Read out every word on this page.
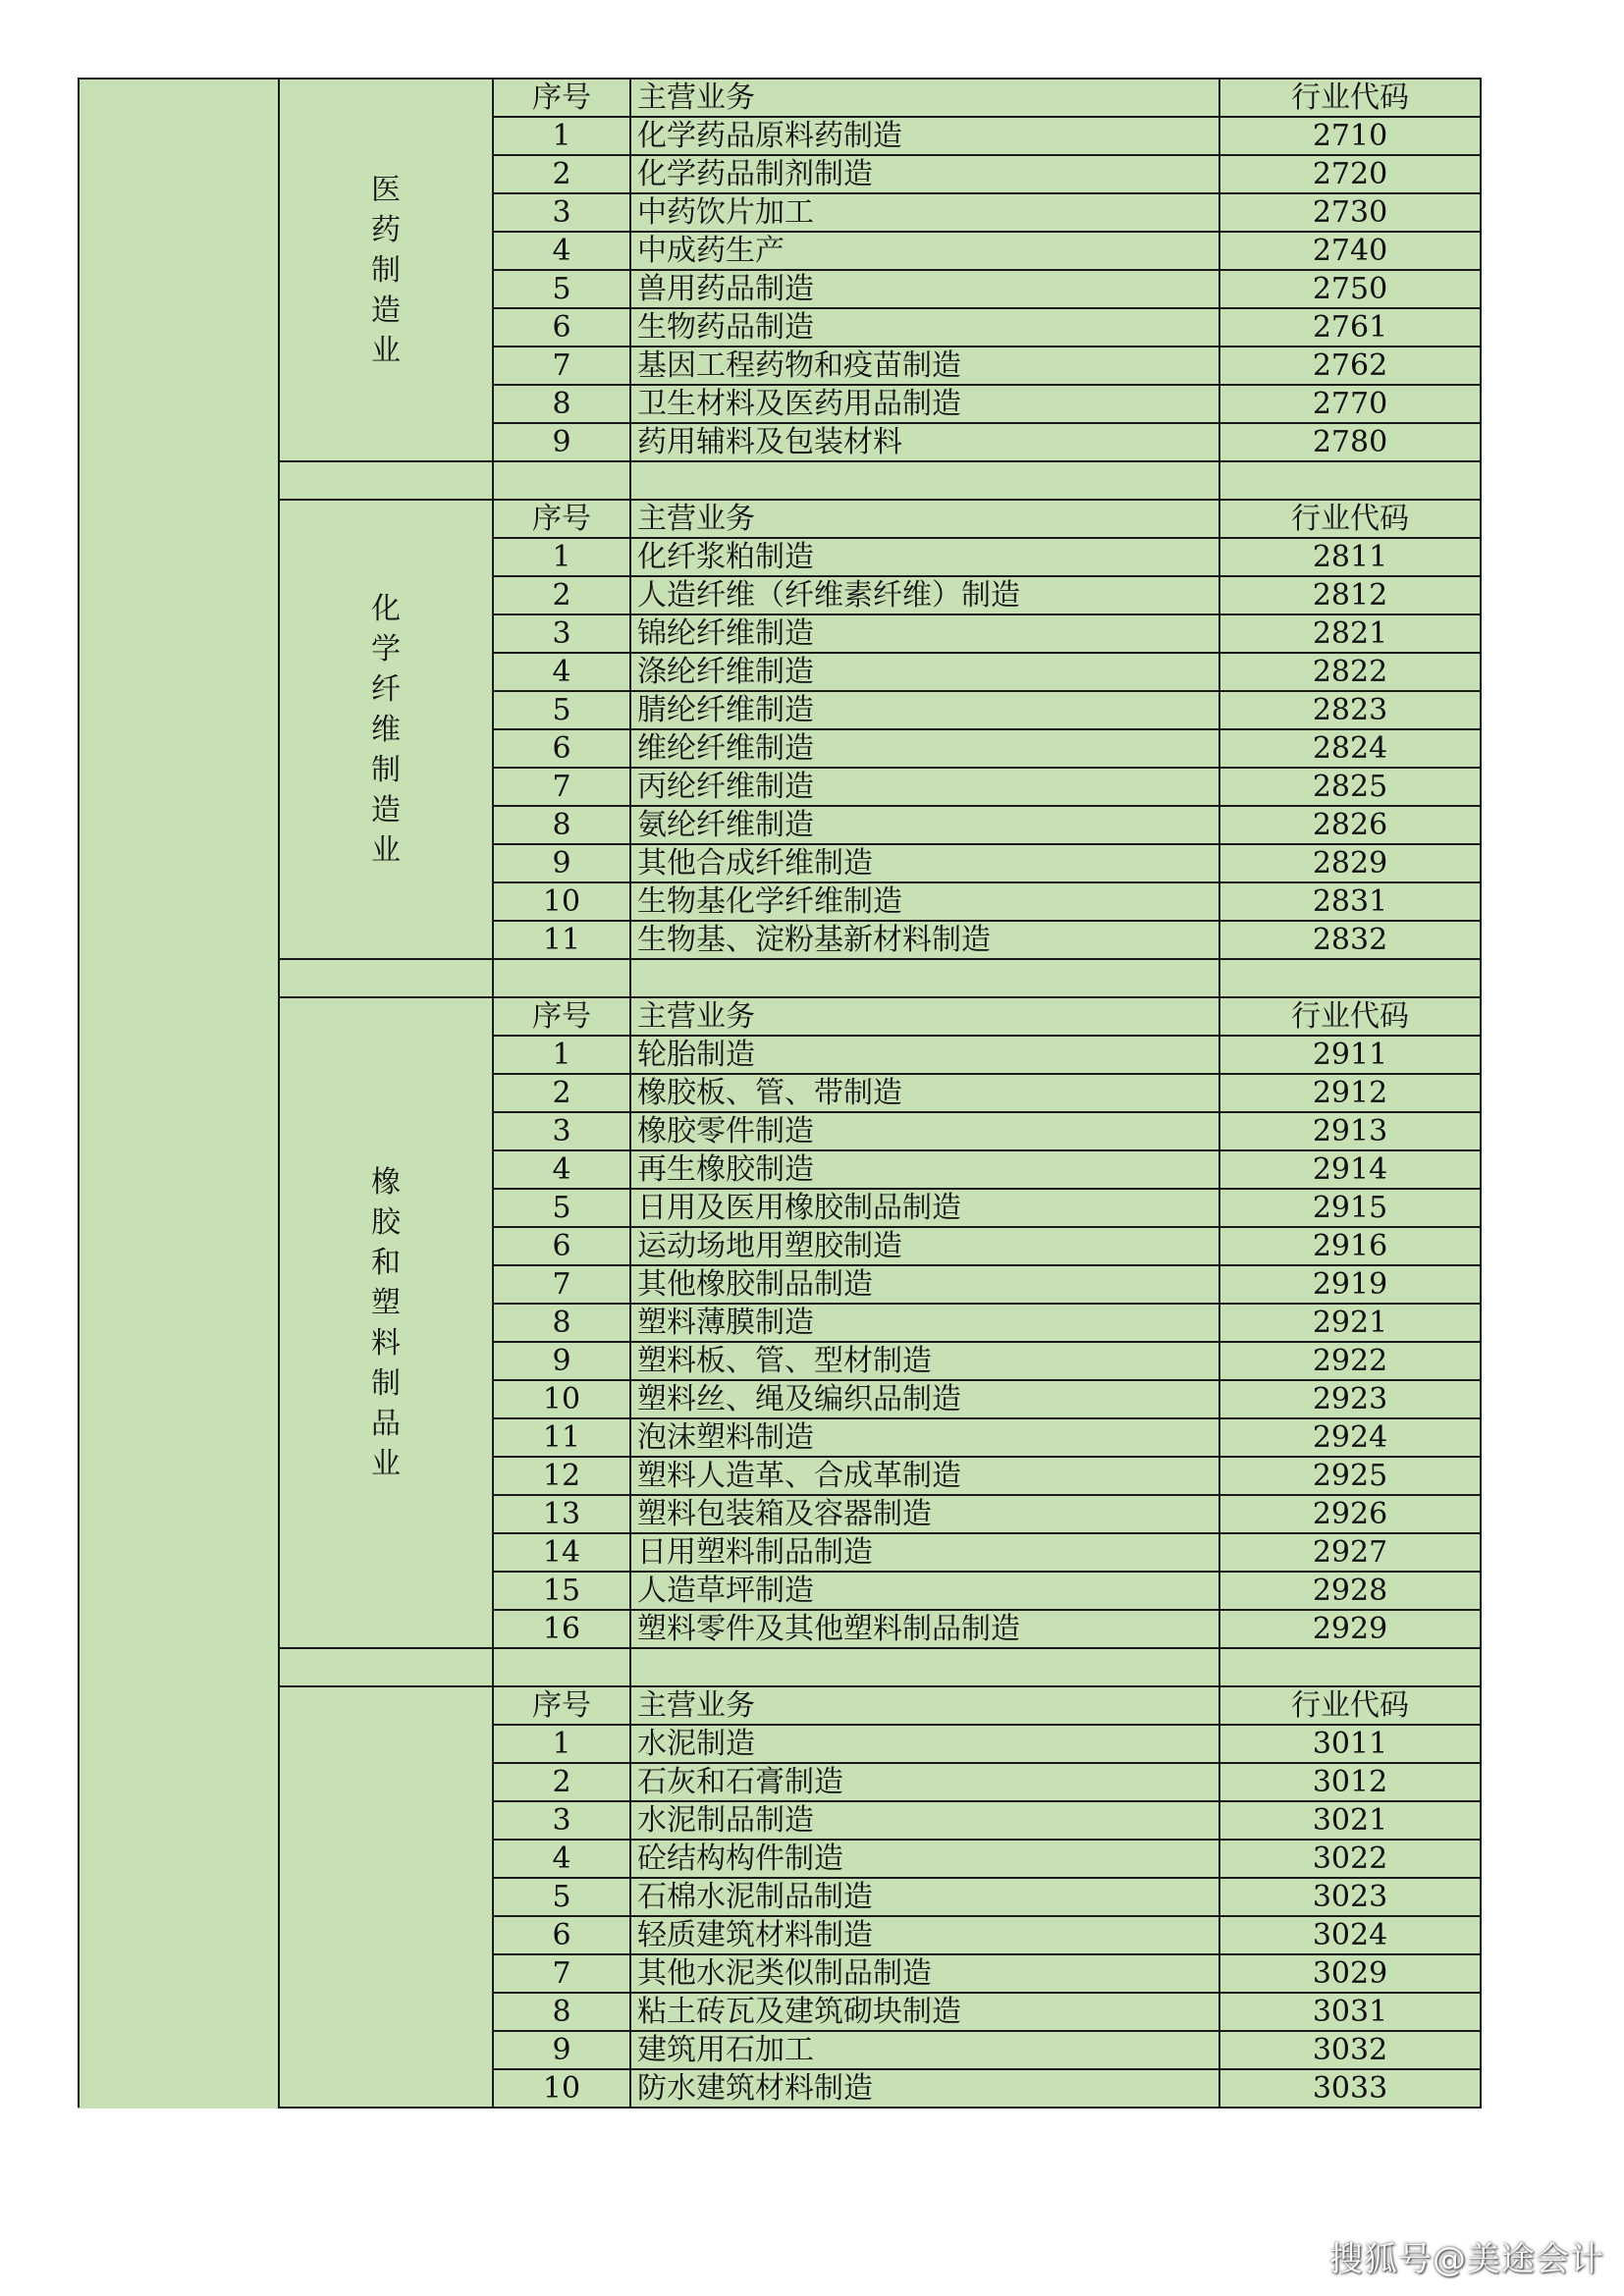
	医药制造业	序号	主营业务	行业代码
		1	化学药品原料药制造	2710
		2	化学药品制剂制造	2720
		3	中药饮片加工	2730
		4	中成药生产	2740
		5	兽用药品制造	2750
		6	生物药品制造	2761
		7	基因工程药物和疫苗制造	2762
		8	卫生材料及医药用品制造	2770
		9	药用辅料及包装材料	2780

	化学纤维制造业	序号	主营业务	行业代码
		1	化纤浆粕制造	2811
		2	人造纤维（纤维素纤维）制造	2812
		3	锦纶纤维制造	2821
		4	涤纶纤维制造	2822
		5	腈纶纤维制造	2823
		6	维纶纤维制造	2824
		7	丙纶纤维制造	2825
		8	氨纶纤维制造	2826
		9	其他合成纤维制造	2829
		10	生物基化学纤维制造	2831
		11	生物基、淀粉基新材料制造	2832

	橡胶和塑料制品业	序号	主营业务	行业代码
		1	轮胎制造	2911
		2	橡胶板、管、带制造	2912
		3	橡胶零件制造	2913
		4	再生橡胶制造	2914
		5	日用及医用橡胶制品制造	2915
		6	运动场地用塑胶制造	2916
		7	其他橡胶制品制造	2919
		8	塑料薄膜制造	2921
		9	塑料板、管、型材制造	2922
		10	塑料丝、绳及编织品制造	2923
		11	泡沫塑料制造	2924
		12	塑料人造革、合成革制造	2925
		13	塑料包装箱及容器制造	2926
		14	日用塑料制品制造	2927
		15	人造草坪制造	2928
		16	塑料零件及其他塑料制品制造	2929

		序号	主营业务	行业代码
		1	水泥制造	3011
		2	石灰和石膏制造	3012
		3	水泥制品制造	3021
		4	砼结构构件制造	3022
		5	石棉水泥制品制造	3023
		6	轻质建筑材料制造	3024
		7	其他水泥类似制品制造	3029
		8	粘土砖瓦及建筑砌块制造	3031
		9	建筑用石加工	3032
		10	防水建筑材料制造	3033
搜狐号@美途会计
